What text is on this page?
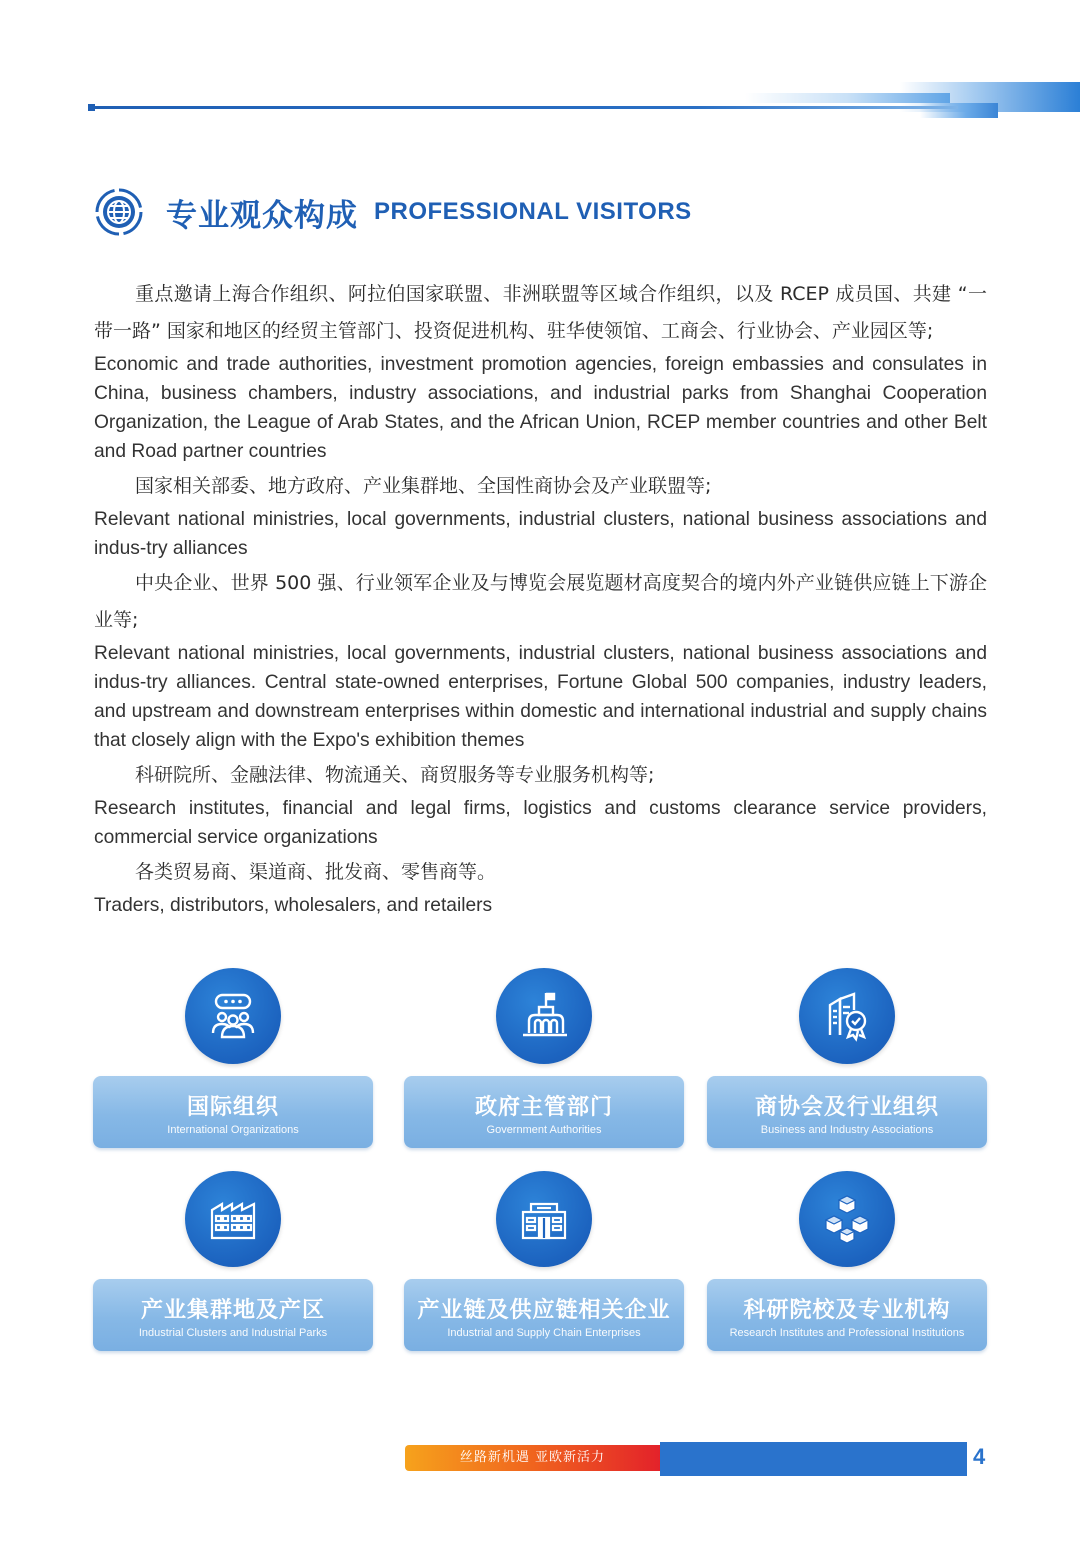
专业观众构成 PROFESSIONAL VISITORS

重点邀请上海合作组织、阿拉伯国家联盟、非洲联盟等区域合作组织，以及 RCEP 成员国、共建 “一带一路” 国家和地区的经贸主管部门、投资促进机构、驻华使领馆、工商会、行业协会、产业园区等;

Economic and trade authorities, investment promotion agencies, foreign embassies and consulates in China, business chambers, industry associations, and industrial parks from Shanghai Cooperation Organization, the League of Arab States, and the African Union, RCEP member countries and other Belt and Road partner countries

国家相关部委、地方政府、产业集群地、全国性商协会及产业联盟等;

Relevant national ministries, local governments, industrial clusters, national business associations and indus-try alliances

中央企业、世界 500 强、行业领军企业及与博览会展览题材高度契合的境内外产业链供应链上下游企业等;

Relevant national ministries, local governments, industrial clusters, national business associations and indus-try alliances. Central state-owned enterprises, Fortune Global 500 companies, industry leaders, and upstream and downstream enterprises within domestic and international industrial and supply chains that closely align with the Expo's exhibition themes

科研院所、金融法律、物流通关、商贸服务等专业服务机构等;

Research institutes, financial and legal firms, logistics and customs clearance service providers, commercial service organizations

各类贸易商、渠道商、批发商、零售商等。

Traders, distributors, wholesalers, and retailers

国际组织
International Organizations
政府主管部门
Government Authorities
商协会及行业组织
Business and Industry Associations
产业集群地及产区
Industrial Clusters and Industrial Parks
产业链及供应链相关企业
Industrial and Supply Chain Enterprises
科研院校及专业机构
Research Institutes and Professional Institutions
丝路新机遇 亚欧新活力	4
